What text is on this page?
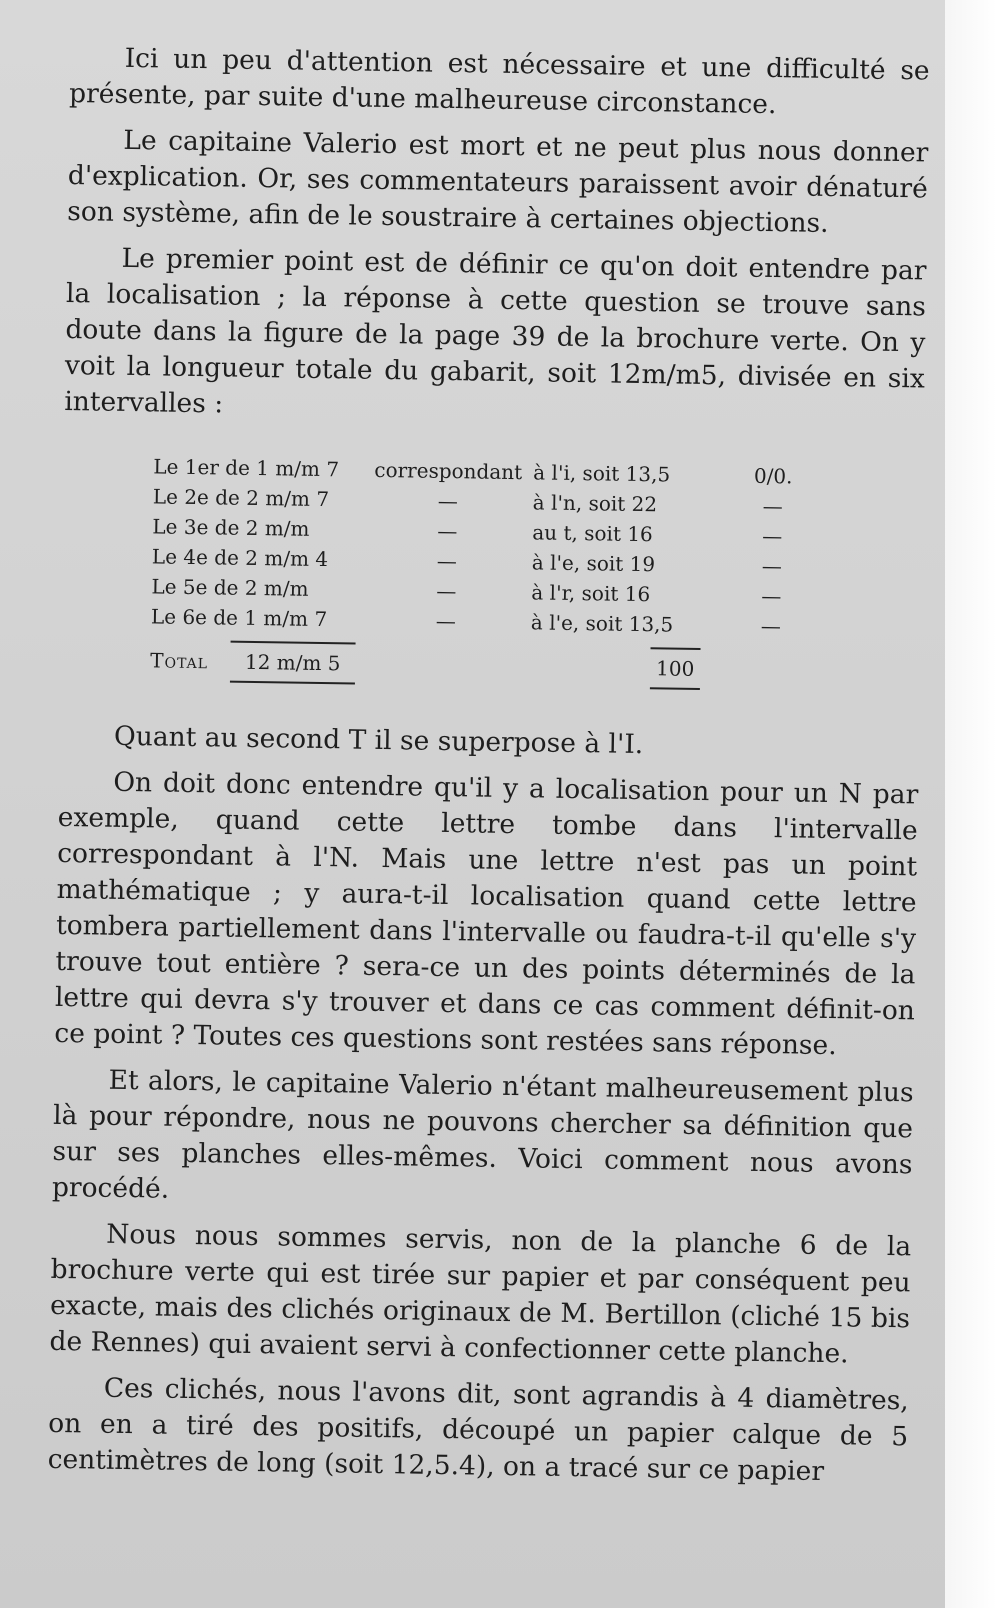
Ici un peu d'attention est nécessaire et une difficulté se présente, par suite d'une malheureuse circonstance.

Le capitaine Valerio est mort et ne peut plus nous donner d'explication. Or, ses commentateurs paraissent avoir dénaturé son système, afin de le soustraire à certaines objections.

Le premier point est de définir ce qu'on doit entendre par la localisation ; la réponse à cette question se trouve sans doute dans la figure de la page 39 de la brochure verte. On y voit la longueur totale du gabarit, soit 12m/m5, divisée en six intervalles :

Le 1er de 1 m/m 7	correspondant à l'i, soit 13,5	0/0.
Le 2e de 2 m/m 7	—	à l'n, soit 22	—
Le 3e de 2 m/m	—	au t, soit 16	—
Le 4e de 2 m/m 4	—	à l'e, soit 19	—
Le 5e de 2 m/m	—	à l'r, soit 16	—
Le 6e de 1 m/m 7	—	à l'e, soit 13,5	—
Total	12 m/m 5	100

Quant au second T il se superpose à l'I.

On doit donc entendre qu'il y a localisation pour un N par exemple, quand cette lettre tombe dans l'intervalle correspondant à l'N. Mais une lettre n'est pas un point mathématique ; y aura-t-il localisation quand cette lettre tombera partiellement dans l'intervalle ou faudra-t-il qu'elle s'y trouve tout entière ? sera-ce un des points déterminés de la lettre qui devra s'y trouver et dans ce cas comment définit-on ce point ? Toutes ces questions sont restées sans réponse.

Et alors, le capitaine Valerio n'étant malheureusement plus là pour répondre, nous ne pouvons chercher sa définition que sur ses planches elles-mêmes. Voici comment nous avons procédé.

Nous nous sommes servis, non de la planche 6 de la brochure verte qui est tirée sur papier et par conséquent peu exacte, mais des clichés originaux de M. Bertillon (cliché 15 bis de Rennes) qui avaient servi à confectionner cette planche.

Ces clichés, nous l'avons dit, sont agrandis à 4 diamètres, on en a tiré des positifs, découpé un papier calque de 5 centimètres de long (soit 12,5.4), on a tracé sur ce papier
